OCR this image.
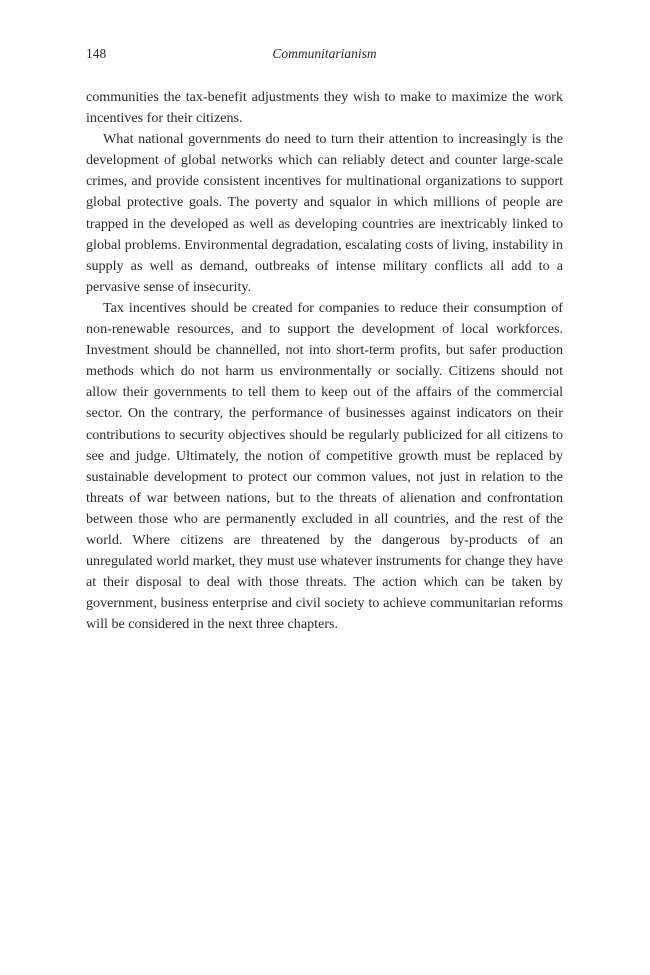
148	Communitarianism

communities the tax-benefit adjustments they wish to make to maximize the work incentives for their citizens.

What national governments do need to turn their attention to increasingly is the development of global networks which can reliably detect and counter large-scale crimes, and provide consistent incentives for multinational organizations to support global protective goals. The poverty and squalor in which millions of people are trapped in the developed as well as developing countries are inextricably linked to global problems. Environmental degradation, escalating costs of living, instability in supply as well as demand, outbreaks of intense military conflicts all add to a pervasive sense of insecurity.

Tax incentives should be created for companies to reduce their consumption of non-renewable resources, and to support the development of local workforces. Investment should be channelled, not into short-term profits, but safer production methods which do not harm us environmentally or socially. Citizens should not allow their governments to tell them to keep out of the affairs of the commercial sector. On the contrary, the performance of businesses against indicators on their contributions to security objectives should be regularly publicized for all citizens to see and judge. Ultimately, the notion of competitive growth must be replaced by sustainable development to protect our common values, not just in relation to the threats of war between nations, but to the threats of alienation and confrontation between those who are permanently excluded in all countries, and the rest of the world. Where citizens are threatened by the dangerous by-products of an unregulated world market, they must use whatever instruments for change they have at their disposal to deal with those threats. The action which can be taken by government, business enterprise and civil society to achieve communitarian reforms will be considered in the next three chapters.
